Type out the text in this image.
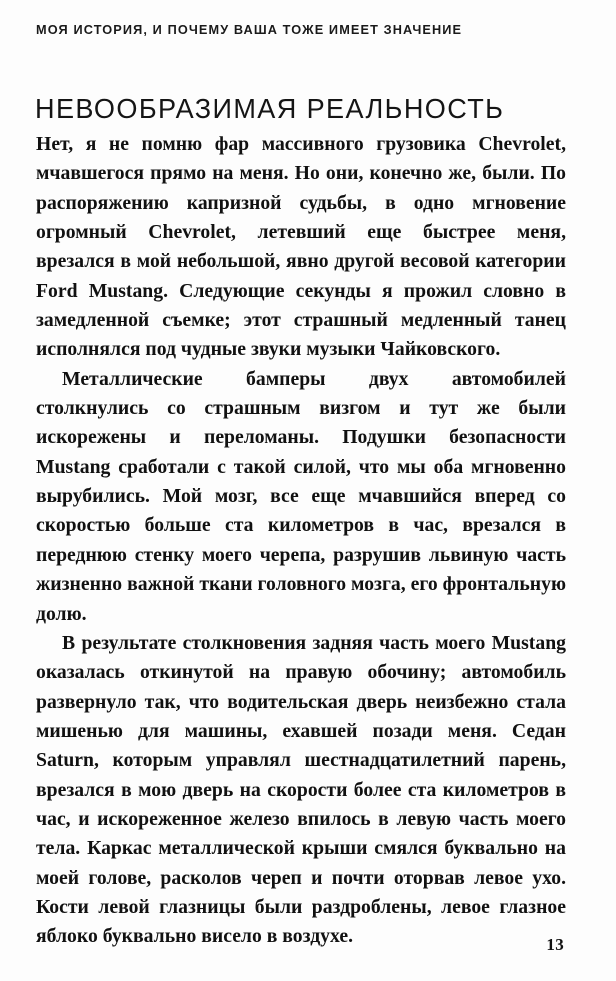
МОЯ ИСТОРИЯ, И ПОЧЕМУ ВАША ТОЖЕ ИМЕЕТ ЗНАЧЕНИЕ
НЕВООБРАЗИМАЯ РЕАЛЬНОСТЬ

Нет, я не помню фар массивного грузовика Chevrolet, мчавшегося прямо на меня. Но они, конечно же, были. По распоряжению капризной судьбы, в одно мгновение огромный Chevrolet, летевший еще быстрее меня, врезался в мой небольшой, явно другой весовой категории Ford Mustang. Следующие секунды я прожил словно в замедленной съемке; этот страшный медленный танец исполнялся под чудные звуки музыки Чайковского.

Металлические бамперы двух автомобилей столкнулись со страшным визгом и тут же были искорежены и переломаны. Подушки безопасности Mustang сработали с такой силой, что мы оба мгновенно вырубились. Мой мозг, все еще мчавшийся вперед со скоростью больше ста километров в час, врезался в переднюю стенку моего черепа, разрушив львиную часть жизненно важной ткани головного мозга, его фронтальную долю.

В результате столкновения задняя часть моего Mustang оказалась откинутой на правую обочину; автомобиль развернуло так, что водительская дверь неизбежно стала мишенью для машины, ехавшей позади меня. Седан Saturn, которым управлял шестнадцатилетний парень, врезался в мою дверь на скорости более ста километров в час, и искореженное железо впилось в левую часть моего тела. Каркас металлической крыши смялся буквально на моей голове, расколов череп и почти оторвав левое ухо. Кости левой глазницы были раздроблены, левое глазное яблоко буквально висело в воздухе.	13
